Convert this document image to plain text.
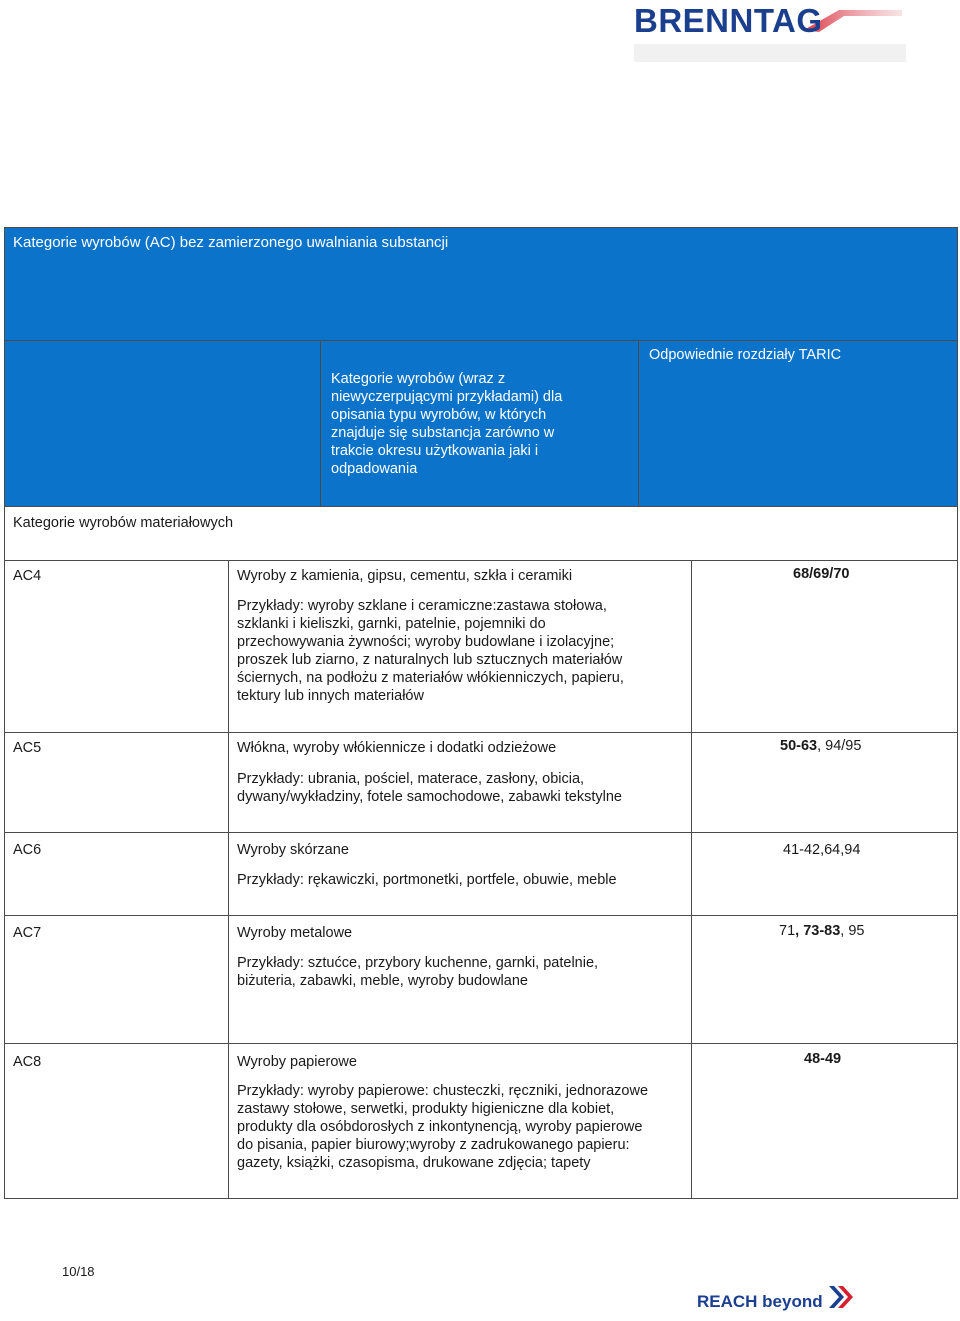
BRENNTAG
Kategorie wyrobów (AC) bez zamierzonego uwalniania substancji
Kategorie wyrobów (wraz z
niewyczerpującymi przykładami) dla
opisania typu wyrobów, w których
znajduje się substancja zarówno w
trakcie okresu użytkowania jaki i
odpadowania
Odpowiednie rozdziały TARIC
Kategorie wyrobów materiałowych
AC4	Wyroby z kamienia, gipsu, cementu, szkła i ceramiki	68/69/70
Przykłady: wyroby szklane i ceramiczne:zastawa stołowa,
szklanki i kieliszki, garnki, patelnie, pojemniki do
przechowywania żywności; wyroby budowlane i izolacyjne;
proszek lub ziarno, z naturalnych lub sztucznych materiałów
ściernych, na podłożu z materiałów włókienniczych, papieru,
tektury lub innych materiałów
AC5	Włókna, wyroby włókiennicze i dodatki odzieżowe	50-63, 94/95
Przykłady: ubrania, pościel, materace, zasłony, obicia,
dywany/wykładziny, fotele samochodowe, zabawki tekstylne
AC6	Wyroby skórzane	41-42,64,94
Przykłady: rękawiczki, portmonetki, portfele, obuwie, meble
AC7	Wyroby metalowe	71, 73-83, 95
Przykłady: sztućce, przybory kuchenne, garnki, patelnie,
biżuteria, zabawki, meble, wyroby budowlane
AC8	Wyroby papierowe	48-49
Przykłady: wyroby papierowe: chusteczki, ręczniki, jednorazowe
zastawy stołowe, serwetki, produkty higieniczne dla kobiet,
produkty dla osóbdorosłych z inkontynencją, wyroby papierowe
do pisania, papier biurowy;wyroby z zadrukowanego papieru:
gazety, książki, czasopisma, drukowane zdjęcia; tapety
10/18
REACH beyond
